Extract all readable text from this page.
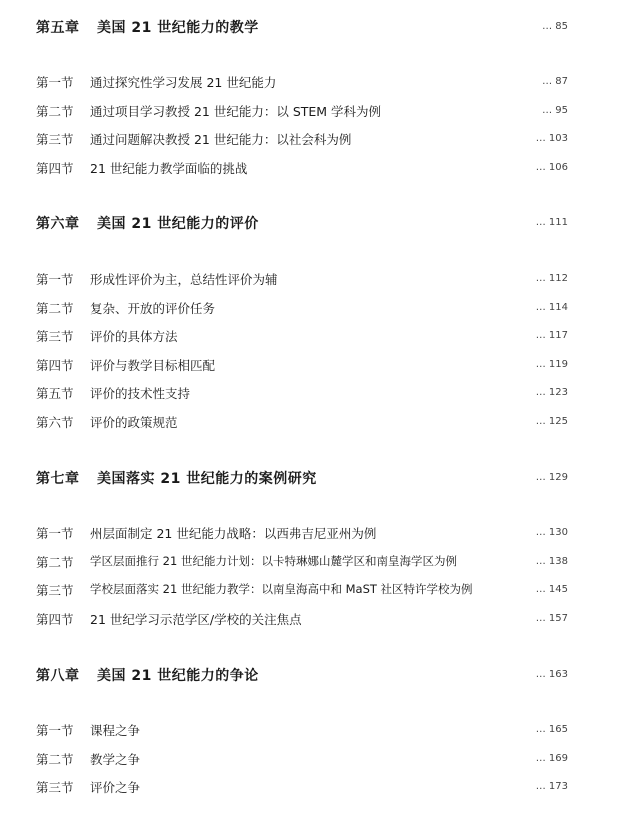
第五章 美国 21 世纪能力的教学	… 85
第一节 通过探究性学习发展 21 世纪能力	… 87
第二节 通过项目学习教授 21 世纪能力：以 STEM 学科为例	… 95
第三节 通过问题解决教授 21 世纪能力：以社会科为例	… 103
第四节 21 世纪能力教学面临的挑战	… 106
第六章 美国 21 世纪能力的评价	… 111
第一节 形成性评价为主，总结性评价为辅	… 112
第二节 复杂、开放的评价任务	… 114
第三节 评价的具体方法	… 117
第四节 评价与教学目标相匹配	… 119
第五节 评价的技术性支持	… 123
第六节 评价的政策规范	… 125
第七章 美国落实 21 世纪能力的案例研究	… 129
第一节 州层面制定 21 世纪能力战略：以西弗吉尼亚州为例	… 130
第二节 学区层面推行 21 世纪能力计划：以卡特琳娜山麓学区和南皇海学区为例	… 138
第三节 学校层面落实 21 世纪能力教学：以南皇海高中和 MaST 社区特许学校为例	… 145
第四节 21 世纪学习示范学区/学校的关注焦点	… 157
第八章 美国 21 世纪能力的争论	… 163
第一节 课程之争	… 165
第二节 教学之争	… 169
第三节 评价之争	… 173
